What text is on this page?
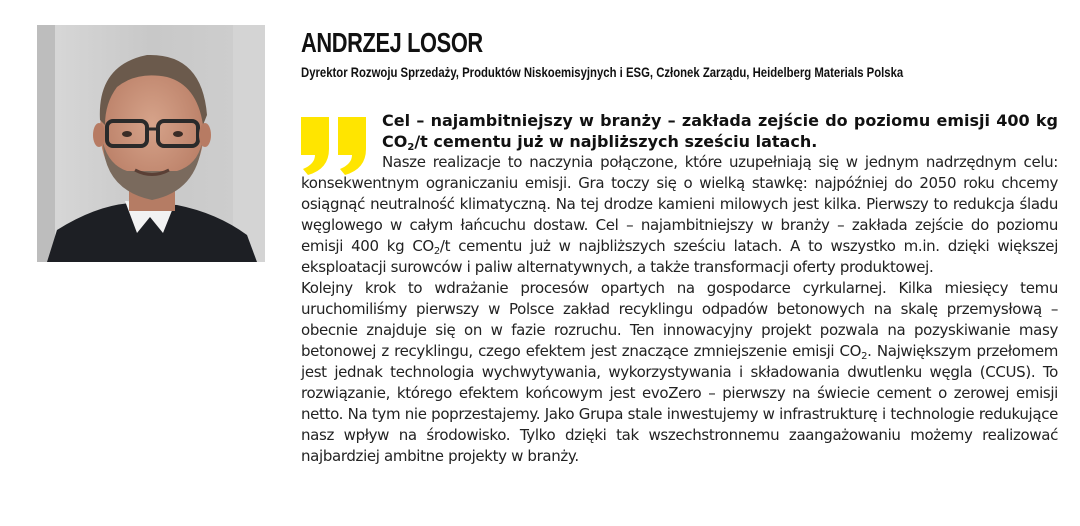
ANDRZEJ LOSOR
Dyrektor Rozwoju Sprzedaży, Produktów Niskoemisyjnych i ESG, Członek Zarządu, Heidelberg Materials Polska
Cel – najambitniejszy w branży – zakłada zejście do poziomu emisji 400 kg $CO_2/t$ cementu już w najbliższych sześciu latach.

Nasze realizacje to naczynia połączone, które uzupełniają się w jednym nadrzędnym celu: konsekwentnym ograniczaniu emisji. Gra toczy się o wielką stawkę: najpóźniej do 2050 roku chcemy osiągnąć neutralność klimatyczną. Na tej drodze kamieni milowych jest kilka. Pierwszy to redukcja śladu węglowego w całym łańcuchu dostaw. Cel – najambitniejszy w branży – zakłada zejście do poziomu emisji 400 kg $CO_2/t$ cementu już w najbliższych sześciu latach. A to wszystko m.in. dzięki większej eksploatacji surowców i paliw alternatywnych, a także transformacji oferty produktowej.

Kolejny krok to wdrażanie procesów opartych na gospodarce cyrkularnej. Kilka miesięcy temu uruchomiliśmy pierwszy w Polsce zakład recyklingu odpadów betonowych na skalę przemysłową – obecnie znajduje się on w fazie rozruchu. Ten innowacyjny projekt pozwala na pozyskiwanie masy betonowej z recyklingu, czego efektem jest znaczące zmniejszenie emisji $CO_2$. Największym przełomem jest jednak technologia wychwytywania, wykorzystywania i składowania dwutlenku węgla (CCUS). To rozwiązanie, którego efektem końcowym jest evoZero – pierwszy na świecie cement o zerowej emisji netto. Na tym nie poprzestajemy. Jako Grupa stale inwestujemy w infrastrukturę i technologie redukujące nasz wpływ na środowisko. Tylko dzięki tak wszechstronnemu zaangażowaniu możemy realizować najbardziej ambitne projekty w branży.
